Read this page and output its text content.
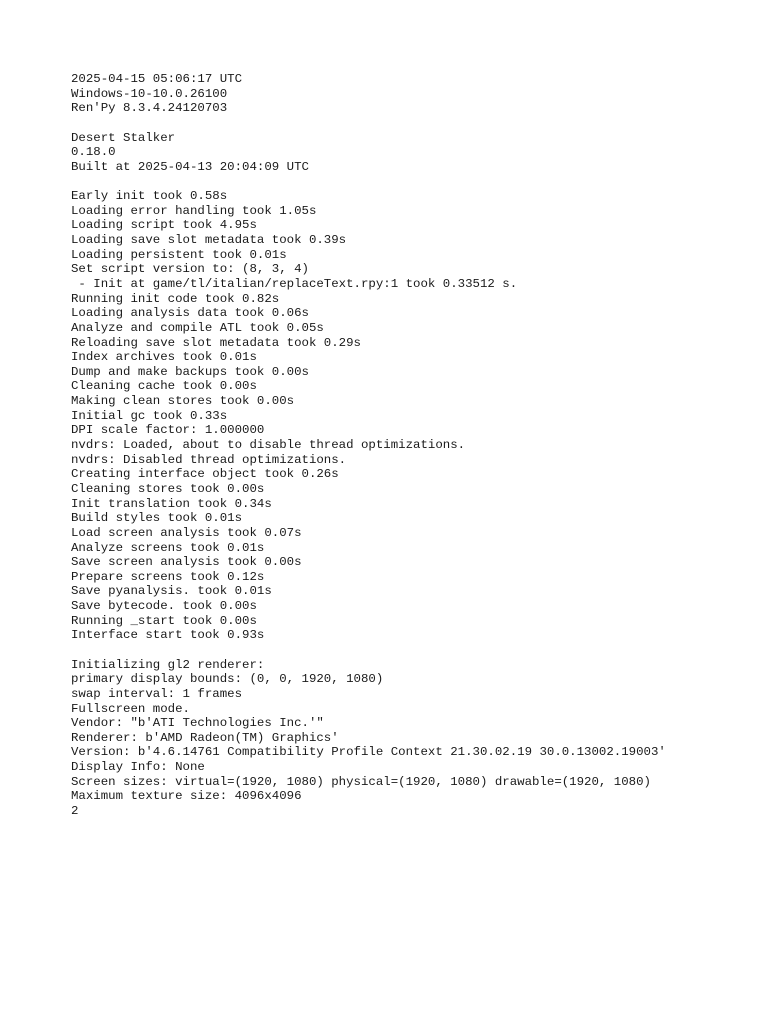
2025-04-15 05:06:17 UTC
Windows-10-10.0.26100
Ren'Py 8.3.4.24120703
Desert Stalker
0.18.0
Built at 2025-04-13 20:04:09 UTC
Early init took 0.58s
Loading error handling took 1.05s
Loading script took 4.95s
Loading save slot metadata took 0.39s
Loading persistent took 0.01s
Set script version to: (8, 3, 4)
- Init at game/tl/italian/replaceText.rpy:1 took 0.33512 s.
Running init code took 0.82s
Loading analysis data took 0.06s
Analyze and compile ATL took 0.05s
Reloading save slot metadata took 0.29s
Index archives took 0.01s
Dump and make backups took 0.00s
Cleaning cache took 0.00s
Making clean stores took 0.00s
Initial gc took 0.33s
DPI scale factor: 1.000000
nvdrs: Loaded, about to disable thread optimizations.
nvdrs: Disabled thread optimizations.
Creating interface object took 0.26s
Cleaning stores took 0.00s
Init translation took 0.34s
Build styles took 0.01s
Load screen analysis took 0.07s
Analyze screens took 0.01s
Save screen analysis took 0.00s
Prepare screens took 0.12s
Save pyanalysis. took 0.01s
Save bytecode. took 0.00s
Running _start took 0.00s
Interface start took 0.93s
Initializing gl2 renderer:
primary display bounds: (0, 0, 1920, 1080)
swap interval: 1 frames
Fullscreen mode.
Vendor: "b'ATI Technologies Inc.'"
Renderer: b'AMD Radeon(TM) Graphics'
Version: b'4.6.14761 Compatibility Profile Context 21.30.02.19 30.0.13002.19003'
Display Info: None
Screen sizes: virtual=(1920, 1080) physical=(1920, 1080) drawable=(1920, 1080)
Maximum texture size: 4096x4096
2
